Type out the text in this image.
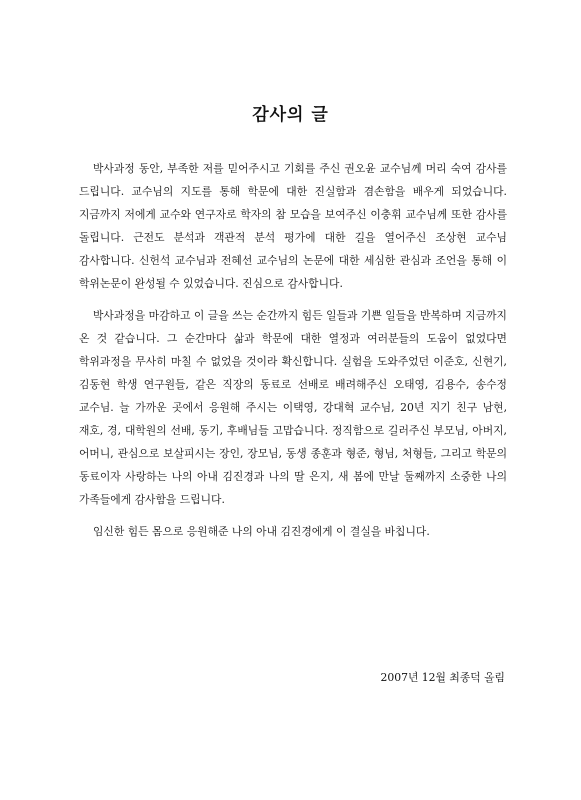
감사의 글

박사과정 동안, 부족한 저를 믿어주시고 기회를 주신 권오윤 교수님께 머리 숙여 감사를 드립니다. 교수님의 지도를 통해 학문에 대한 진실함과 겸손함을 배우게 되었습니다. 지금까지 저에게 교수와 연구자로 학자의 참 모습을 보여주신 이충휘 교수님께 또한 감사를 돌립니다. 근전도 분석과 객관적 분석 평가에 대한 길을 열어주신 조상현 교수님 감사합니다. 신헌석 교수님과 전혜선 교수님의 논문에 대한 세심한 관심과 조언을 통해 이 학위논문이 완성될 수 있었습니다. 진심으로 감사합니다.

박사과정을 마감하고 이 글을 쓰는 순간까지 힘든 일들과 기쁜 일들을 반복하며 지금까지 온 것 같습니다. 그 순간마다 삶과 학문에 대한 열정과 여러분들의 도움이 없었다면 학위과정을 무사히 마칠 수 없었을 것이라 확신합니다. 실험을 도와주었던 이준호, 신현기, 김동현 학생 연구원들, 같은 직장의 동료로 선배로 배려해주신 오태영, 김용수, 송수정 교수님. 늘 가까운 곳에서 응원해 주시는 이택영, 강대혁 교수님, 20년 지기 친구 남현, 재호, 경, 대학원의 선배, 동기, 후배님들 고맙습니다. 정직함으로 길러주신 부모님, 아버지, 어머니, 관심으로 보살피시는 장인, 장모님, 동생 종훈과 형준, 형님, 처형들, 그리고 학문의 동료이자 사랑하는 나의 아내 김진경과 나의 딸 은지, 새 봄에 만날 둘째까지 소중한 나의 가족들에게 감사함을 드립니다.

임신한 힘든 몸으로 응원해준 나의 아내 김진경에게 이 결실을 바칩니다.

2007년 12월 최종덕 올림
